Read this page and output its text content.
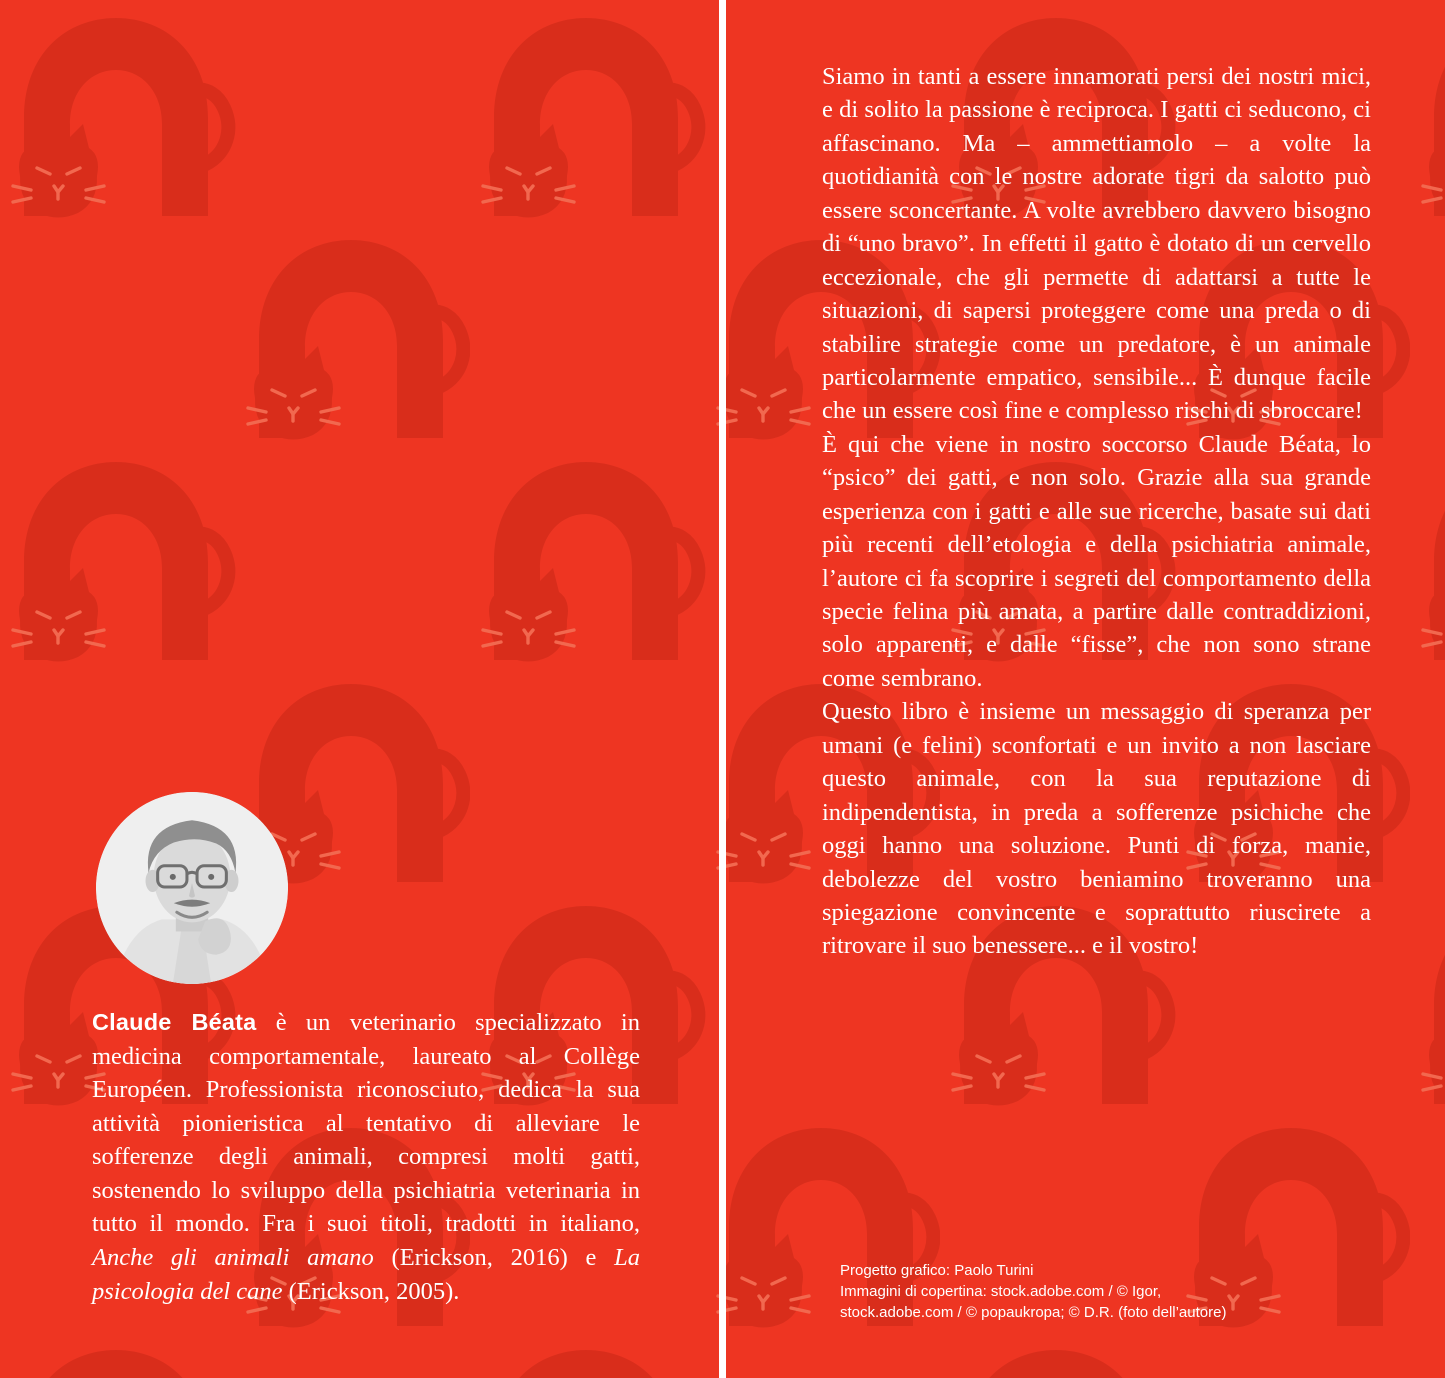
Claude Béata è un veterinario specializzato in medicina comportamentale, laureato al Collège Européen. Professionista riconosciuto, dedica la sua attività pionieristica al tentativo di alleviare le sofferenze degli animali, compresi molti gatti, sostenendo lo sviluppo della psichiatria veterinaria in tutto il mondo. Fra i suoi titoli, tradotti in italiano, Anche gli animali amano (Erickson, 2016) e La psicologia del cane (Erickson, 2005).

Siamo in tanti a essere innamorati persi dei nostri mici, e di solito la passione è reciproca. I gatti ci seducono, ci affascinano. Ma – ammettiamolo – a volte la quotidianità con le nostre adorate tigri da salotto può essere sconcertante. A volte avrebbero davvero bisogno di “uno bravo”. In effetti il gatto è dotato di un cervello eccezionale, che gli permette di adattarsi a tutte le situazioni, di sapersi proteggere come una preda o di stabilire strategie come un predatore, è un animale particolarmente empatico, sensibile... È dunque facile che un essere così fine e complesso rischi di sbroccare!

È qui che viene in nostro soccorso Claude Béata, lo “psico” dei gatti, e non solo. Grazie alla sua grande esperienza con i gatti e alle sue ricerche, basate sui dati più recenti dell’etologia e della psichiatria animale, l’autore ci fa scoprire i segreti del comportamento della specie felina più amata, a partire dalle contraddizioni, solo apparenti, e dalle “fisse”, che non sono strane come sembrano.

Questo libro è insieme un messaggio di speranza per umani (e felini) sconfortati e un invito a non lasciare questo animale, con la sua reputazione di indipendentista, in preda a sofferenze psichiche che oggi hanno una soluzione. Punti di forza, manie, debolezze del vostro beniamino troveranno una spiegazione convincente e soprattutto riuscirete a ritrovare il suo benessere... e il vostro!

Progetto grafico: Paolo Turini
Immagini di copertina: stock.adobe.com / © Igor,
stock.adobe.com / © popaukropa; © D.R. (foto dell’autore)
